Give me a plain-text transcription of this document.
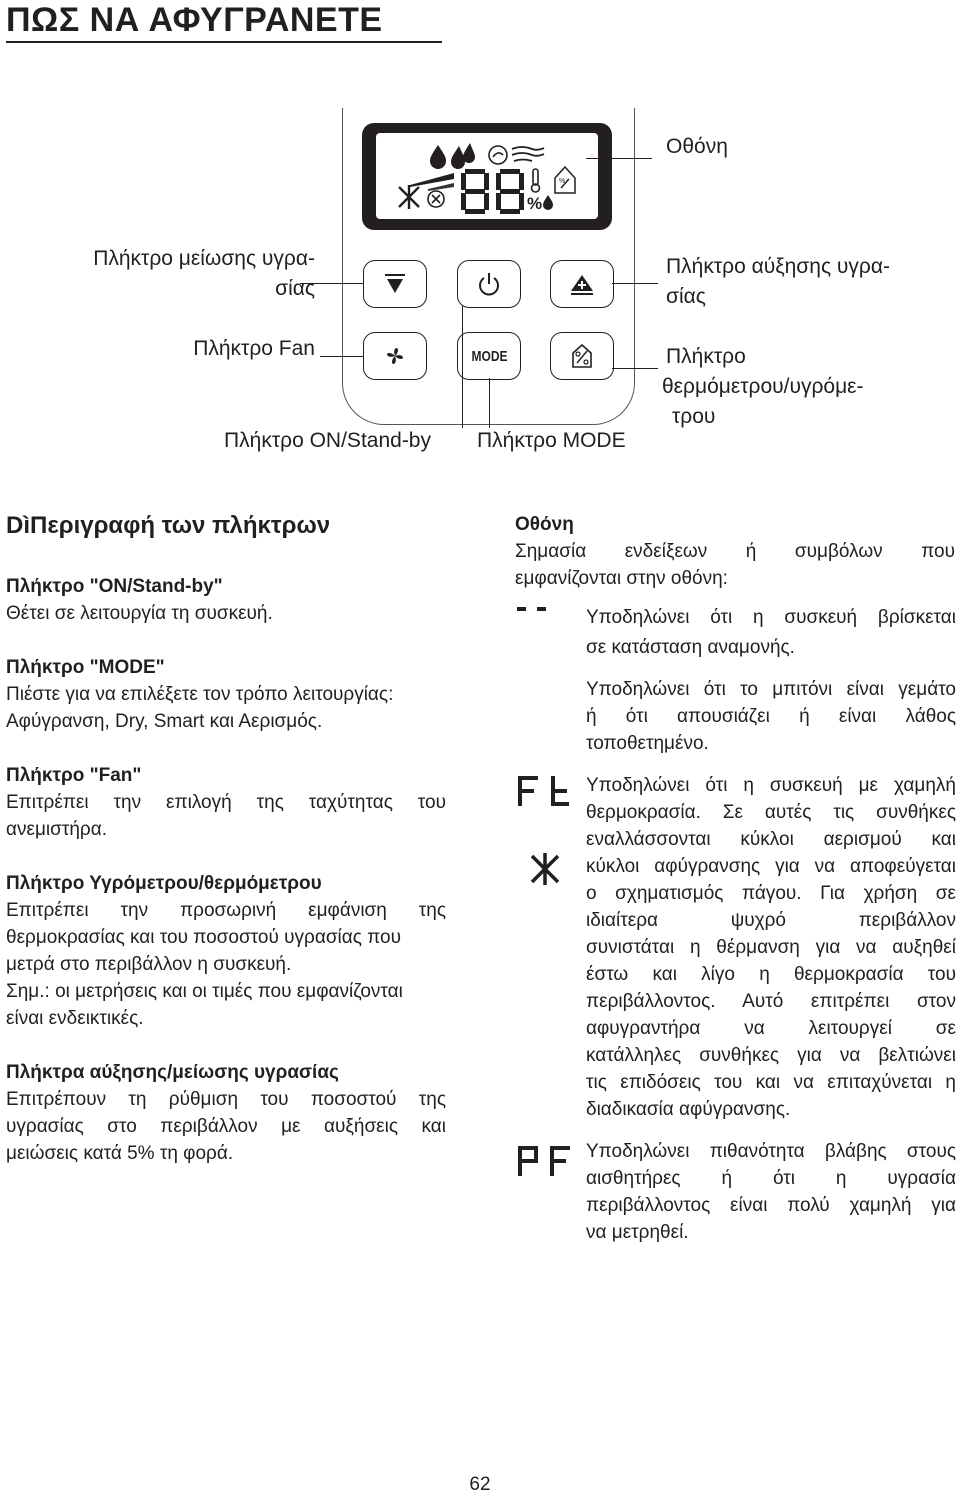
ΠΩΣ ΝΑ ΑΦΥΓΡΑΝΕΤΕ
%
%
MODE
Οθόνη
Πλήκτρο μείωσης υγρα-
σίας
Πλήκτρο αύξησης υγρα-
σίας
Πλήκτρο Fan	Πλήκτρο
θερμόμετρου/υγρόμε-
τρου
Πλήκτρο ON/Stand-by Πλήκτρο MODE
DìΠεριγραφή των πλήκτρων
Πλήκτρο "ON/Stand-by"
Θέτει σε λειτουργία τη συσκευή.
Πλήκτρο "MODE"
Πιέστε για να επιλέξετε τον τρόπο λειτουργίας:
Αφύγρανση, Dry, Smart και Αερισμός.
Πλήκτρο "Fan"
Επιτρέπει την επιλογή της ταχύτητας του
ανεμιστήρα.
Πλήκτρο Υγρόμετρου/θερμόμετρου
Επιτρέπει την προσωρινή εμφάνιση της
θερμοκρασίας και του ποσοστού υγρασίας που
μετρά στο περιβάλλον η συσκευή.
Σημ.: οι μετρήσεις και οι τιμές που εμφανίζονται
είναι ενδεικτικές.
Πλήκτρα αύξησης/μείωσης υγρασίας
Επιτρέπουν τη ρύθμιση του ποσοστού της
υγρασίας στο περιβάλλον με αυξήσεις και
μειώσεις κατά 5% τη φορά.
Οθόνη
Σημασία ενδείξεων ή συμβόλων που
εμφανίζονται στην οθόνη:
Υποδηλώνει ότι η συσκευή βρίσκεται
σε κατάσταση αναμονής.
Υποδηλώνει ότι το μπιτόνι είναι γεμάτο
ή ότι απουσιάζει ή είναι λάθος
τοποθετημένο.
Υποδηλώνει ότι η συσκευή με χαμηλή
θερμοκρασία. Σε αυτές τις συνθήκες
εναλλάσσονται κύκλοι αερισμού και
κύκλοι αφύγρανσης για να αποφεύγεται
ο σχηματισμός πάγου. Για χρήση σε
ιδιαίτερα ψυχρό περιβάλλον
συνιστάται η θέρμανση για να αυξηθεί
έστω και λίγο η θερμοκρασία του
περιβάλλοντος. Αυτό επιτρέπει στον
αφυγραντήρα να λειτουργεί σε
κατάλληλες συνθήκες για να βελτιώνει
τις επιδόσεις του και να επιταχύνεται η
διαδικασία αφύγρανσης.
Υποδηλώνει πιθανότητα βλάβης στους
αισθητήρες ή ότι η υγρασία
περιβάλλοντος είναι πολύ χαμηλή για
να μετρηθεί.
62
